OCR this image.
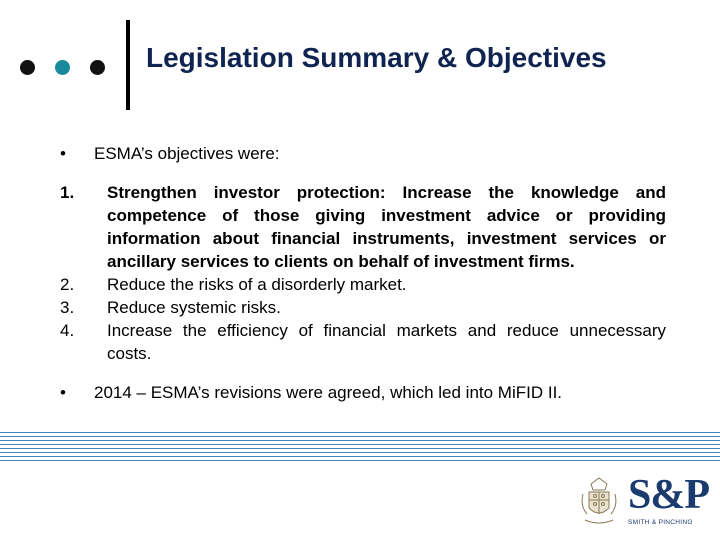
Legislation Summary & Objectives

• ESMA’s objectives were:

1. Strengthen investor protection: Increase the knowledge and competence of those giving investment advice or providing information about financial instruments, investment services or ancillary services to clients on behalf of investment firms.
2. Reduce the risks of a disorderly market.
3. Reduce systemic risks.
4. Increase the efficiency of financial markets and reduce unnecessary costs.

• 2014 – ESMA’s revisions were agreed, which led into MiFID II.

S&P
SMITH & PINCHING
